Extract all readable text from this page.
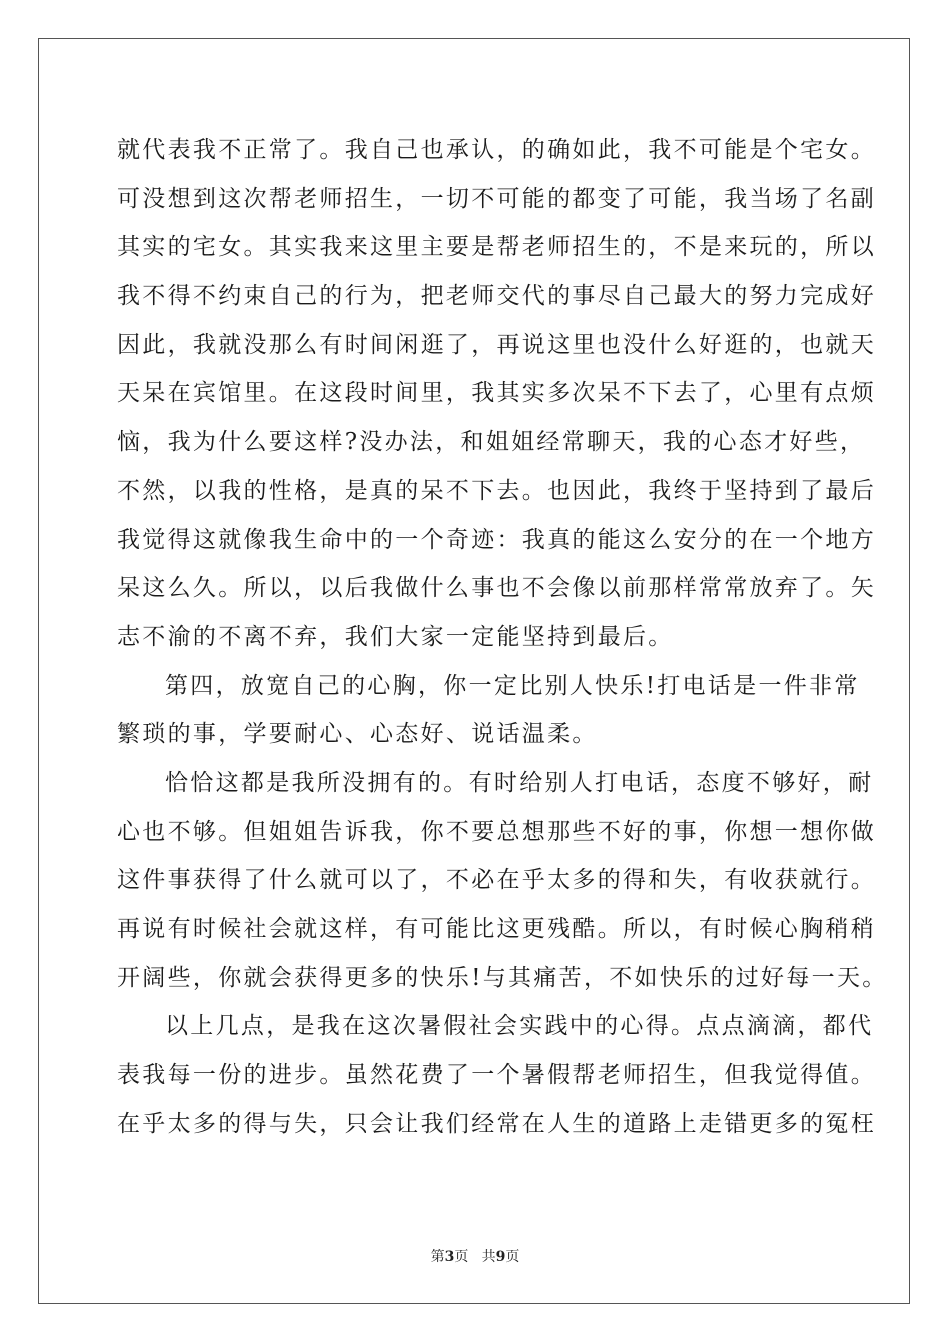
就代表我不正常了。我自己也承认，的确如此，我不可能是个宅女。
可没想到这次帮老师招生，一切不可能的都变了可能，我当场了名副
其实的宅女。其实我来这里主要是帮老师招生的，不是来玩的，所以
我不得不约束自己的行为，把老师交代的事尽自己最大的努力完成好
因此，我就没那么有时间闲逛了，再说这里也没什么好逛的，也就天
天呆在宾馆里。在这段时间里，我其实多次呆不下去了，心里有点烦
恼，我为什么要这样?没办法，和姐姐经常聊天，我的心态才好些，
不然，以我的性格，是真的呆不下去。也因此，我终于坚持到了最后
我觉得这就像我生命中的一个奇迹：我真的能这么安分的在一个地方
呆这么久。所以，以后我做什么事也不会像以前那样常常放弃了。矢
志不渝的不离不弃，我们大家一定能坚持到最后。
第四，放宽自己的心胸，你一定比别人快乐!打电话是一件非常
繁琐的事，学要耐心、心态好、说话温柔。
恰恰这都是我所没拥有的。有时给别人打电话，态度不够好，耐
心也不够。但姐姐告诉我，你不要总想那些不好的事，你想一想你做
这件事获得了什么就可以了，不必在乎太多的得和失，有收获就行。
再说有时候社会就这样，有可能比这更残酷。所以，有时候心胸稍稍
开阔些，你就会获得更多的快乐!与其痛苦，不如快乐的过好每一天。
以上几点，是我在这次暑假社会实践中的心得。点点滴滴，都代
表我每一份的进步。虽然花费了一个暑假帮老师招生，但我觉得值。
在乎太多的得与失，只会让我们经常在人生的道路上走错更多的冤枉
第3页 共9页
